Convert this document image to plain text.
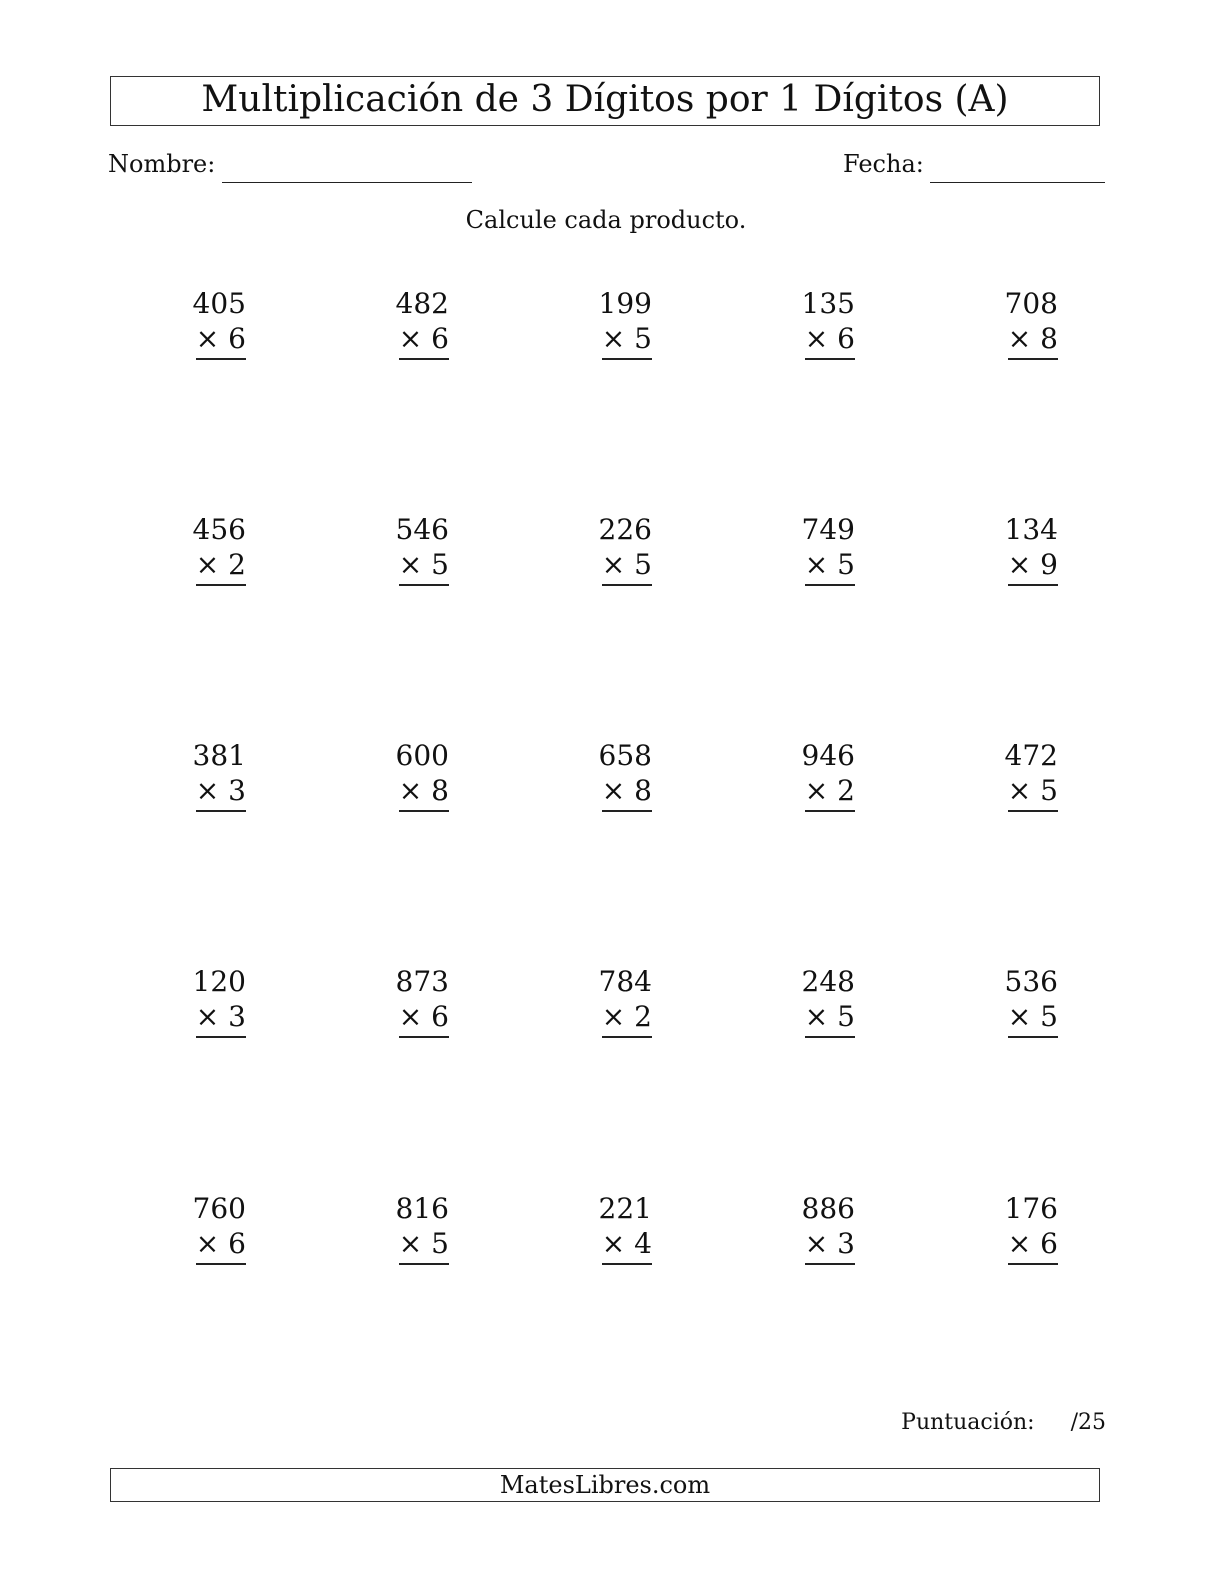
Multiplicación de 3 Dígitos por 1 Dígitos (A)
Nombre:	Fecha:
Calcule cada producto.
405
× 6
482
× 6
199
× 5
135
× 6
708
× 8
456
× 2
546
× 5
226
× 5
749
× 5
134
× 9
381
× 3
600
× 8
658
× 8
946
× 2
472
× 5
120
× 3
873
× 6
784
× 2
248
× 5
536
× 5
760
× 6
816
× 5
221
× 4
886
× 3
176
× 6
Puntuación: /25
MatesLibres.com
